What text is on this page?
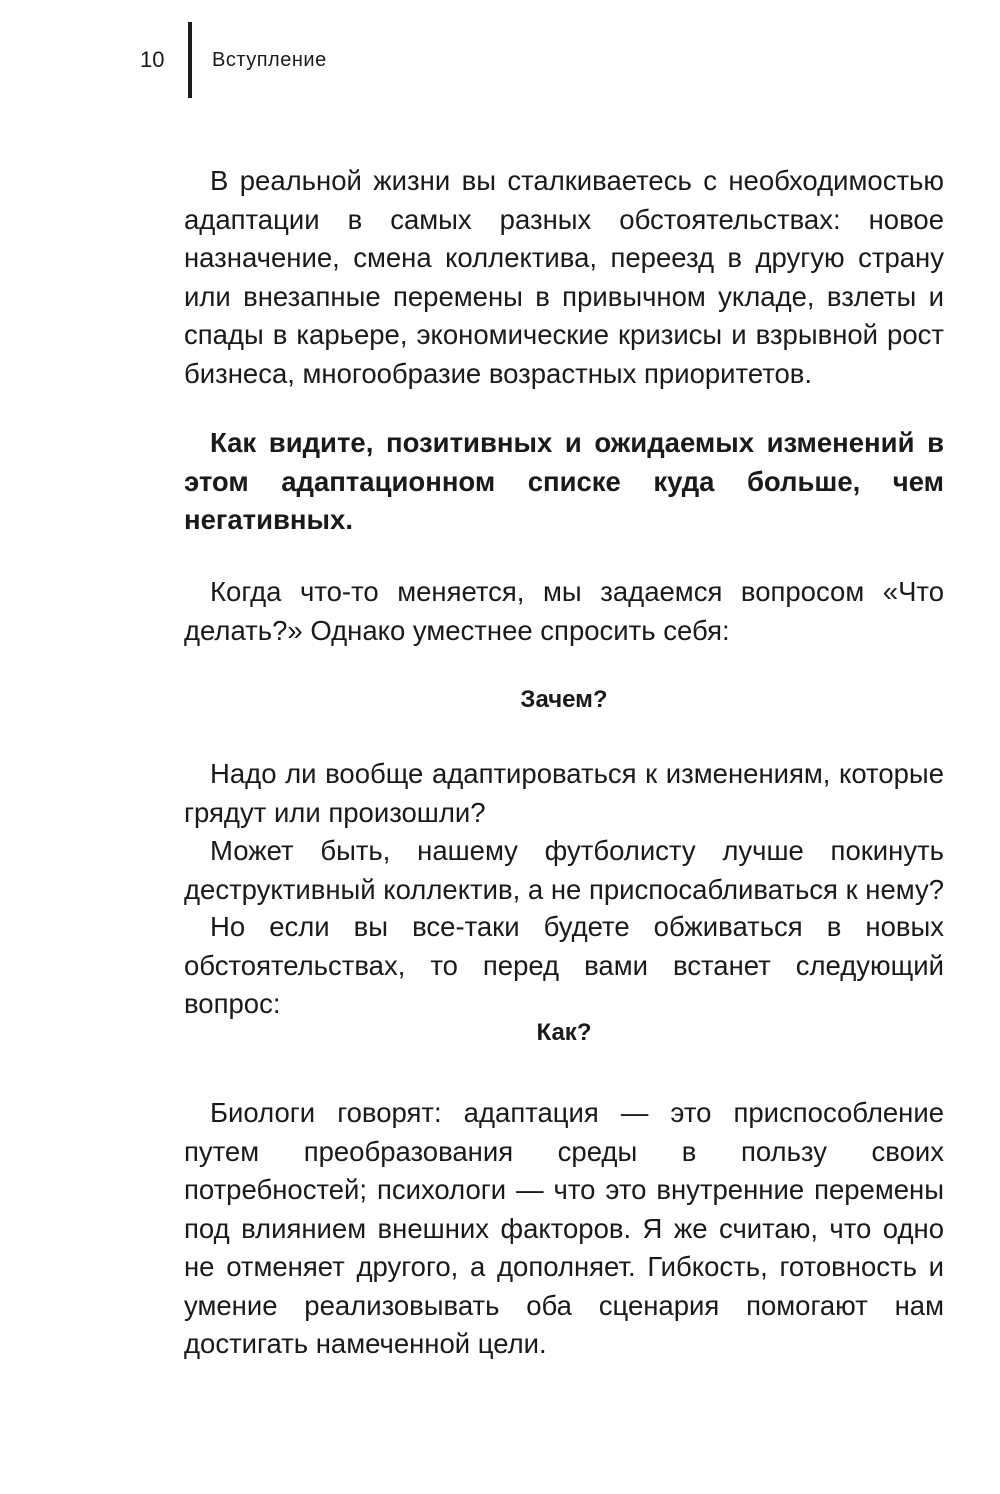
10	Вступление

В реальной жизни вы сталкиваетесь с необходимостью адаптации в самых разных обстоятельствах: новое назначение, смена коллектива, переезд в другую страну или внезапные перемены в привычном укладе, взлеты и спады в карьере, экономические кризисы и взрывной рост бизнеса, многообразие возрастных приоритетов.

Как видите, позитивных и ожидаемых изменений в этом адаптационном списке куда больше, чем негативных.

Когда что-то меняется, мы задаемся вопросом «Что делать?» Однако уместнее спросить себя:

Зачем?

Надо ли вообще адаптироваться к изменениям, которые грядут или произошли?

Может быть, нашему футболисту лучше покинуть деструктивный коллектив, а не приспосабливаться к нему?

Но если вы все-таки будете обживаться в новых обстоятельствах, то перед вами встанет следующий вопрос:

Как?

Биологи говорят: адаптация — это приспособление путем преобразования среды в пользу своих потребностей; психологи — что это внутренние перемены под влиянием внешних факторов. Я же считаю, что одно не отменяет другого, а дополняет. Гибкость, готовность и умение реализовывать оба сценария помогают нам достигать намеченной цели.
